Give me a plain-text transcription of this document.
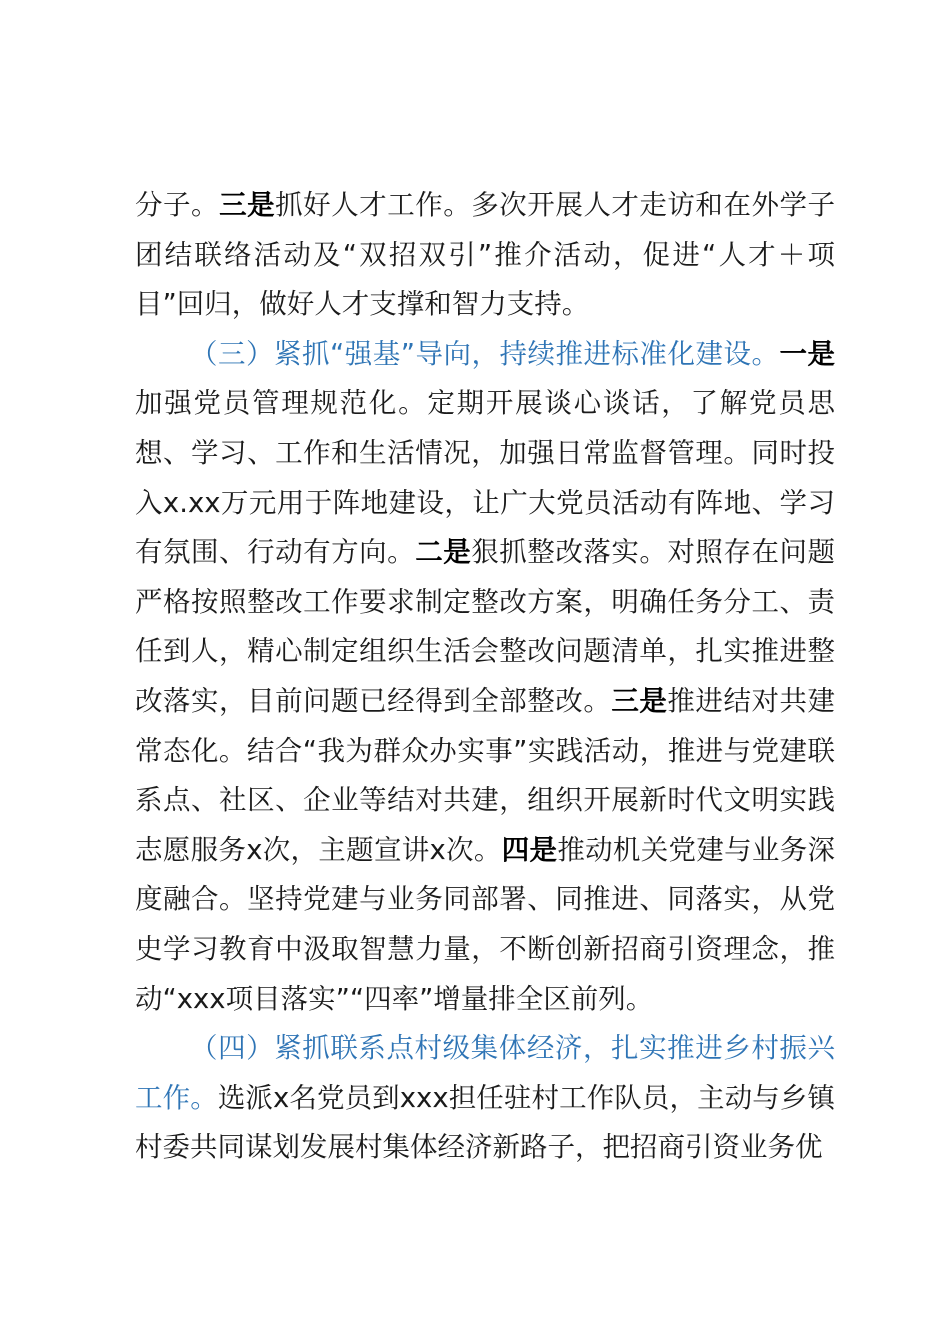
分子。三是抓好人才工作。多次开展人才走访和在外学子团结联络活动及“双招双引”推介活动，促进“人才＋项目”回归，做好人才支撑和智力支持。

（三）紧抓“强基”导向，持续推进标准化建设。一是加强党员管理规范化。定期开展谈心谈话，了解党员思想、学习、工作和生活情况，加强日常监督管理。同时投入x.xx万元用于阵地建设，让广大党员活动有阵地、学习有氛围、行动有方向。二是狠抓整改落实。对照存在问题严格按照整改工作要求制定整改方案，明确任务分工、责任到人，精心制定组织生活会整改问题清单，扎实推进整改落实，目前问题已经得到全部整改。三是推进结对共建常态化。结合“我为群众办实事”实践活动，推进与党建联系点、社区、企业等结对共建，组织开展新时代文明实践志愿服务x次，主题宣讲x次。四是推动机关党建与业务深度融合。坚持党建与业务同部署、同推进、同落实，从党史学习教育中汲取智慧力量，不断创新招商引资理念，推动“xxx项目落实”“四率”增量排全区前列。

（四）紧抓联系点村级集体经济，扎实推进乡村振兴工作。选派x名党员到xxx担任驻村工作队员，主动与乡镇村委共同谋划发展村集体经济新路子，把招商引资业务优
